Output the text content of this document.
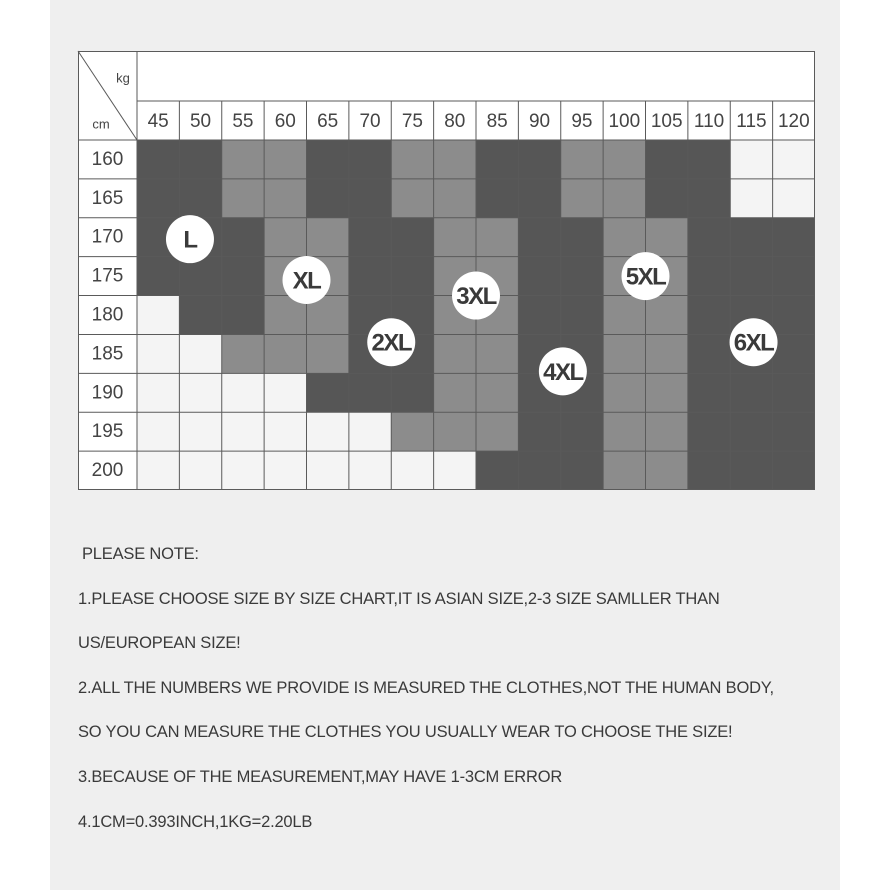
kg
cm 45 50 55 60 65 70 75 80 85 90 95 100 105 110 115 120
160
165
170
175
180
185
190
195
200
L
XL
2XL
3XL
4XL
5XL
6XL
PLEASE NOTE:
1.PLEASE CHOOSE SIZE BY SIZE CHART,IT IS ASIAN SIZE,2-3 SIZE SAMLLER THAN
US/EUROPEAN SIZE!
2.ALL THE NUMBERS WE PROVIDE IS MEASURED THE CLOTHES,NOT THE HUMAN BODY,
SO YOU CAN MEASURE THE CLOTHES YOU USUALLY WEAR TO CHOOSE THE SIZE!
3.BECAUSE OF THE MEASUREMENT,MAY HAVE 1-3CM ERROR
4.1CM=0.393INCH,1KG=2.20LB
